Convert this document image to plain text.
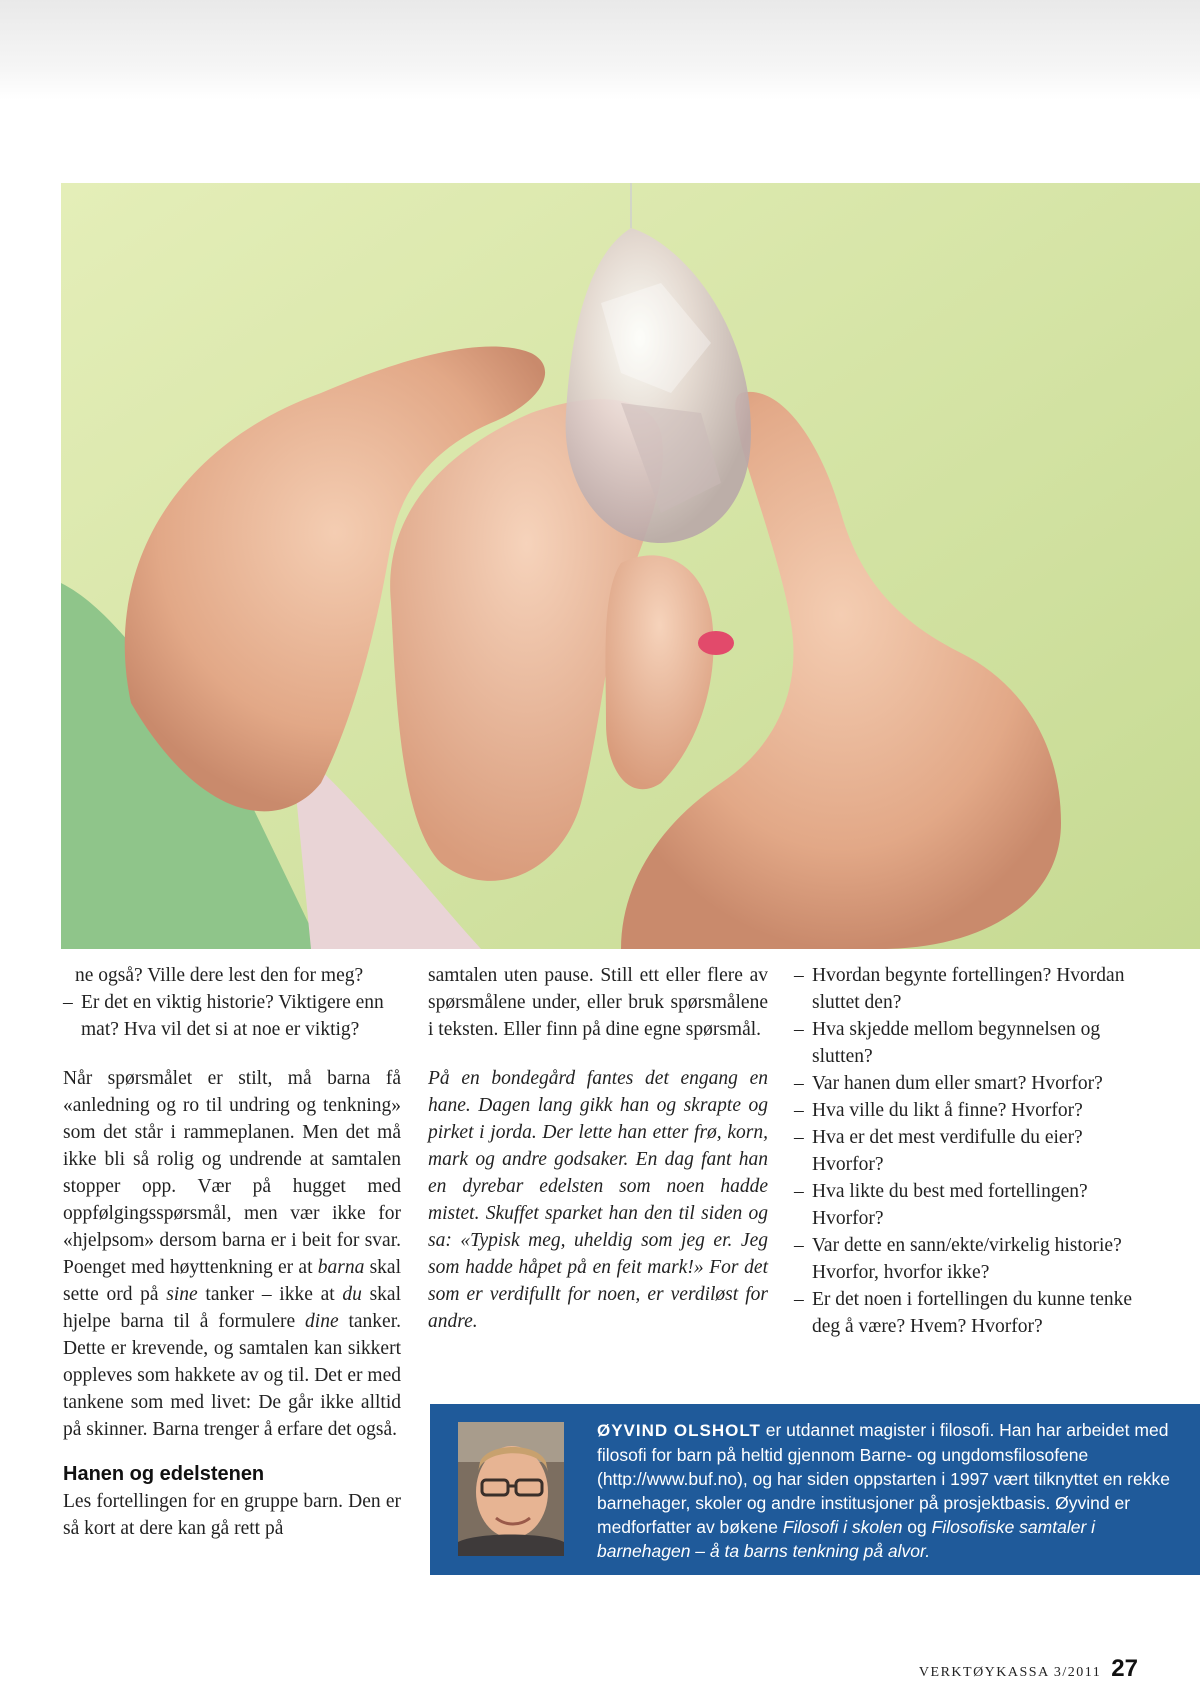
ne også? Ville dere lest den for meg?

– Er det en viktig historie? Viktigere enn mat? Hva vil det si at noe er viktig?

Når spørsmålet er stilt, må barna få «anledning og ro til undring og tenkning» som det står i rammeplanen. Men det må ikke bli så rolig og undrende at samtalen stopper opp. Vær på hugget med oppfølgingsspørsmål, men vær ikke for «hjelpsom» dersom barna er i beit for svar. Poenget med høyttenkning er at barna skal sette ord på sine tanker – ikke at du skal hjelpe barna til å formulere dine tanker. Dette er krevende, og samtalen kan sikkert oppleves som hakkete av og til. Det er med tankene som med livet: De går ikke alltid på skinner. Barna trenger å erfare det også.

Hanen og edelstenen

Les fortellingen for en gruppe barn. Den er så kort at dere kan gå rett på

samtalen uten pause. Still ett eller flere av spørsmålene under, eller bruk spørsmålene i teksten. Eller finn på dine egne spørsmål.

På en bondegård fantes det engang en hane. Dagen lang gikk han og skrapte og pirket i jorda. Der lette han etter frø, korn, mark og andre godsaker. En dag fant han en dyrebar edelsten som noen hadde mistet. Skuffet sparket han den til siden og sa: «Typisk meg, uheldig som jeg er. Jeg som hadde håpet på en feit mark!» For det som er verdifullt for noen, er verdiløst for andre.

– Hvordan begynte fortellingen? Hvordan sluttet den?
– Hva skjedde mellom begynnelsen og slutten?
– Var hanen dum eller smart? Hvorfor?
– Hva ville du likt å finne? Hvorfor?
– Hva er det mest verdifulle du eier? Hvorfor?
– Hva likte du best med fortellingen? Hvorfor?
– Var dette en sann/ekte/virkelig historie? Hvorfor, hvorfor ikke?
– Er det noen i fortellingen du kunne tenke deg å være? Hvem? Hvorfor?
ØYVIND OLSHOLT er utdannet magister i filosofi. Han har arbeidet med filosofi for barn på heltid gjennom Barne- og ungdomsfilosofene (http://www.buf.no), og har siden oppstarten i 1997 vært tilknyttet en rekke barnehager, skoler og andre institusjoner på prosjektbasis. Øyvind er medforfatter av bøkene Filosofi i skolen og Filosofiske samtaler i barnehagen – å ta barns tenkning på alvor.
VERKTØYKASSA 3/2011 27
